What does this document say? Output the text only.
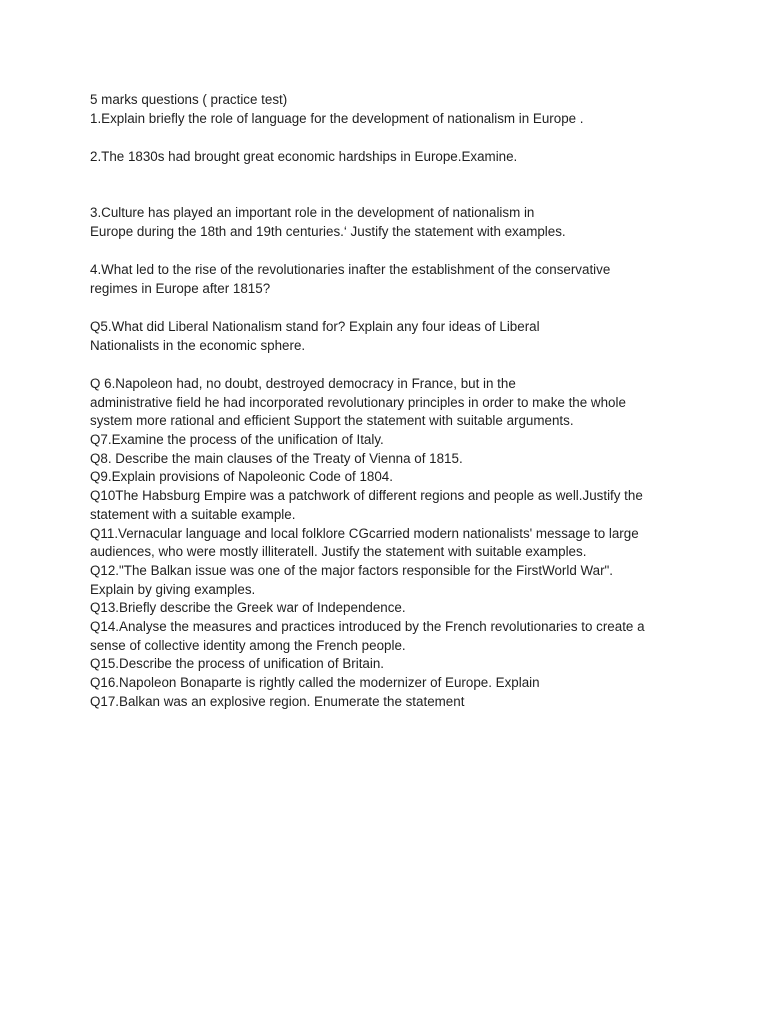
5 marks questions ( practice test)
1.Explain briefly the role of language for the development of nationalism in Europe .
2.The 1830s had brought great economic hardships in Europe.Examine.
3.Culture has played an important role in the development of nationalism in
Europe during the 18th and 19th centuries.‘ Justify the statement with examples.
4.What led to the rise of the revolutionaries inafter the establishment of the conservative
regimes in Europe after 1815?
Q5.What did Liberal Nationalism stand for? Explain any four ideas of Liberal
Nationalists in the economic sphere.
Q 6.Napoleon had, no doubt, destroyed democracy in France, but in the
administrative field he had incorporated revolutionary principles in order to make the whole
system more rational and efficient Support the statement with suitable arguments.
Q7.Examine the process of the unification of Italy.
Q8. Describe the main clauses of the Treaty of Vienna of 1815.
Q9.Explain provisions of Napoleonic Code of 1804.
Q10The Habsburg Empire was a patchwork of different regions and people as well.Justify the
statement with a suitable example.
Q11.Vernacular language and local folklore CGcarried modern nationalists' message to large
audiences, who were mostly illiteratell. Justify the statement with suitable examples.
Q12."The Balkan issue was one of the major factors responsible for the FirstWorld War".
Explain by giving examples.
Q13.Briefly describe the Greek war of Independence.
Q14.Analyse the measures and practices introduced by the French revolutionaries to create a
sense of collective identity among the French people.
Q15.Describe the process of unification of Britain.
Q16.Napoleon Bonaparte is rightly called the modernizer of Europe. Explain
Q17.Balkan was an explosive region. Enumerate the statement
